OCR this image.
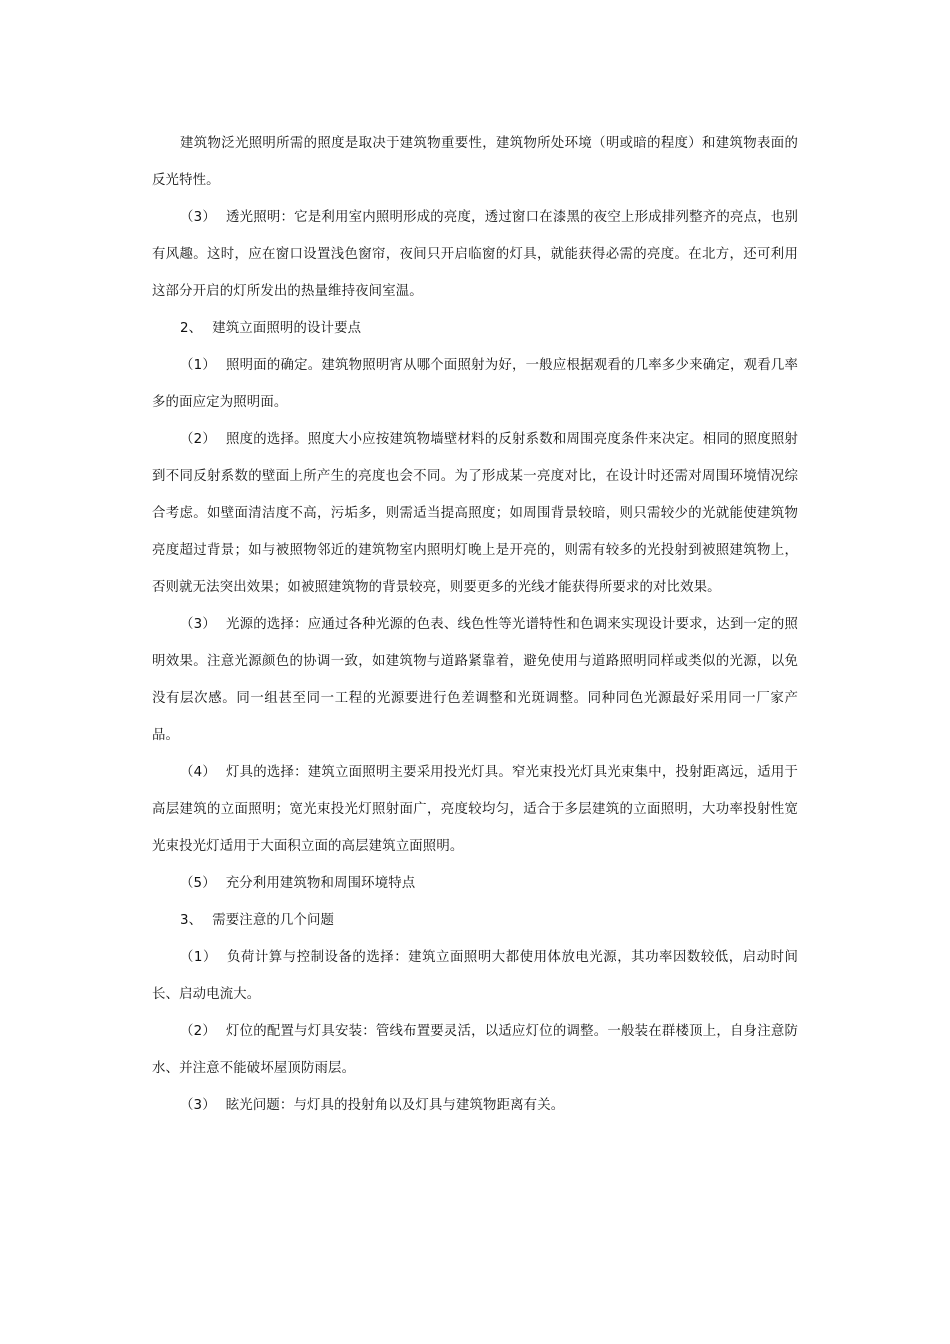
建筑物泛光照明所需的照度是取决于建筑物重要性，建筑物所处环境（明或暗的程度）和建筑物表面的反光特性。

（3） 透光照明：它是利用室内照明形成的亮度，透过窗口在漆黑的夜空上形成排列整齐的亮点，也别有风趣。这时，应在窗口设置浅色窗帘，夜间只开启临窗的灯具，就能获得必需的亮度。在北方，还可利用这部分开启的灯所发出的热量维持夜间室温。

2、 建筑立面照明的设计要点

（1） 照明面的确定。建筑物照明宵从哪个面照射为好，一般应根据观看的几率多少来确定，观看几率多的面应定为照明面。

（2） 照度的选择。照度大小应按建筑物墙壁材料的反射系数和周围亮度条件来决定。相同的照度照射到不同反射系数的壁面上所产生的亮度也会不同。为了形成某一亮度对比，在设计时还需对周围环境情况综合考虑。如壁面清洁度不高，污垢多，则需适当提高照度；如周围背景较暗，则只需较少的光就能使建筑物亮度超过背景；如与被照物邻近的建筑物室内照明灯晚上是开亮的，则需有较多的光投射到被照建筑物上，否则就无法突出效果；如被照建筑物的背景较亮，则要更多的光线才能获得所要求的对比效果。

（3） 光源的选择：应通过各种光源的色表、线色性等光谱特性和色调来实现设计要求，达到一定的照明效果。注意光源颜色的协调一致，如建筑物与道路紧靠着，避免使用与道路照明同样或类似的光源，以免没有层次感。同一组甚至同一工程的光源要进行色差调整和光斑调整。同种同色光源最好采用同一厂家产品。

（4） 灯具的选择：建筑立面照明主要采用投光灯具。窄光束投光灯具光束集中，投射距离远，适用于高层建筑的立面照明；宽光束投光灯照射面广，亮度较均匀，适合于多层建筑的立面照明，大功率投射性宽光束投光灯适用于大面积立面的高层建筑立面照明。

（5） 充分利用建筑物和周围环境特点

3、 需要注意的几个问题

（1） 负荷计算与控制设备的选择：建筑立面照明大都使用体放电光源，其功率因数较低，启动时间长、启动电流大。

（2） 灯位的配置与灯具安装：管线布置要灵活，以适应灯位的调整。一般装在群楼顶上，自身注意防水、并注意不能破坏屋顶防雨层。

（3） 眩光问题：与灯具的投射角以及灯具与建筑物距离有关。
